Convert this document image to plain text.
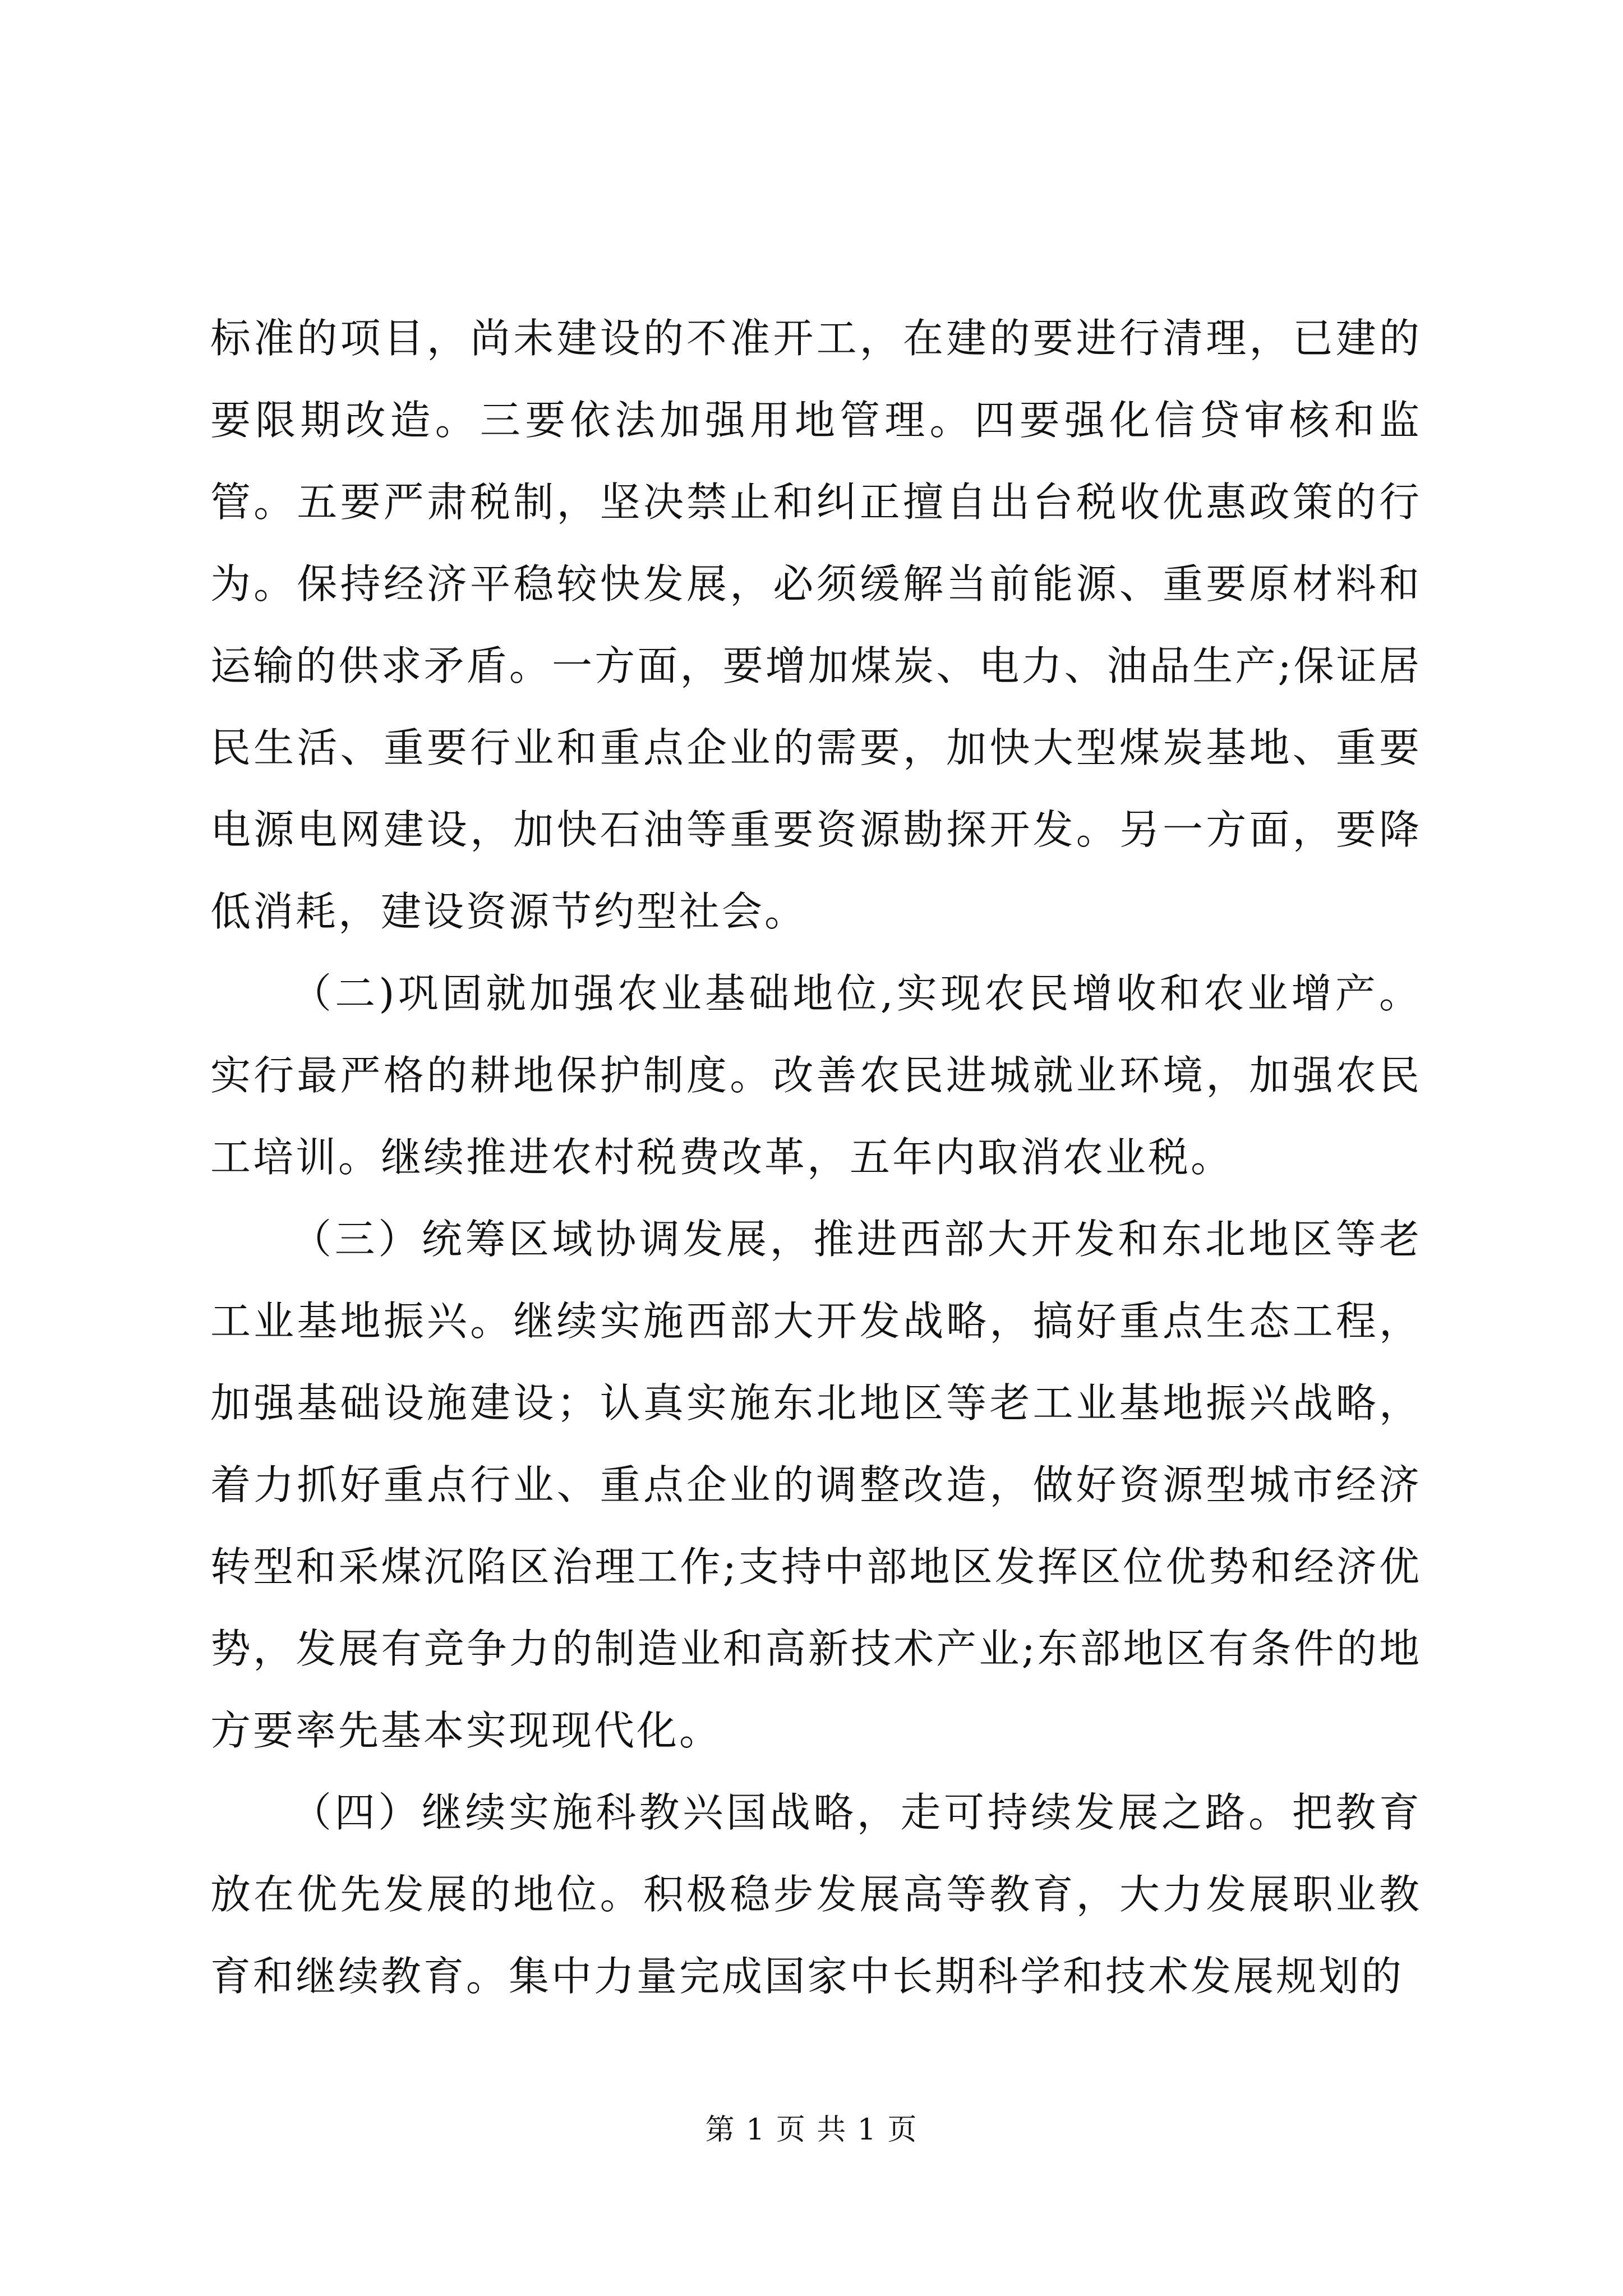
标准的项目，尚未建设的不准开工，在建的要进行清理，已建的要限期改造。三要依法加强用地管理。四要强化信贷审核和监管。五要严肃税制，坚决禁止和纠正擅自出台税收优惠政策的行为。保持经济平稳较快发展，必须缓解当前能源、重要原材料和运输的供求矛盾。一方面，要增加煤炭、电力、油品生产;保证居民生活、重要行业和重点企业的需要，加快大型煤炭基地、重要电源电网建设，加快石油等重要资源勘探开发。另一方面，要降低消耗，建设资源节约型社会。

（二)巩固就加强农业基础地位,实现农民增收和农业增产。实行最严格的耕地保护制度。改善农民进城就业环境，加强农民工培训。继续推进农村税费改革，五年内取消农业税。

（三）统筹区域协调发展，推进西部大开发和东北地区等老工业基地振兴。继续实施西部大开发战略，搞好重点生态工程，加强基础设施建设；认真实施东北地区等老工业基地振兴战略，着力抓好重点行业、重点企业的调整改造，做好资源型城市经济转型和采煤沉陷区治理工作;支持中部地区发挥区位优势和经济优势，发展有竞争力的制造业和高新技术产业;东部地区有条件的地方要率先基本实现现代化。

（四）继续实施科教兴国战略，走可持续发展之路。把教育放在优先发展的地位。积极稳步发展高等教育，大力发展职业教育和继续教育。集中力量完成国家中长期科学和技术发展规划的

第 1 页 共 1 页
